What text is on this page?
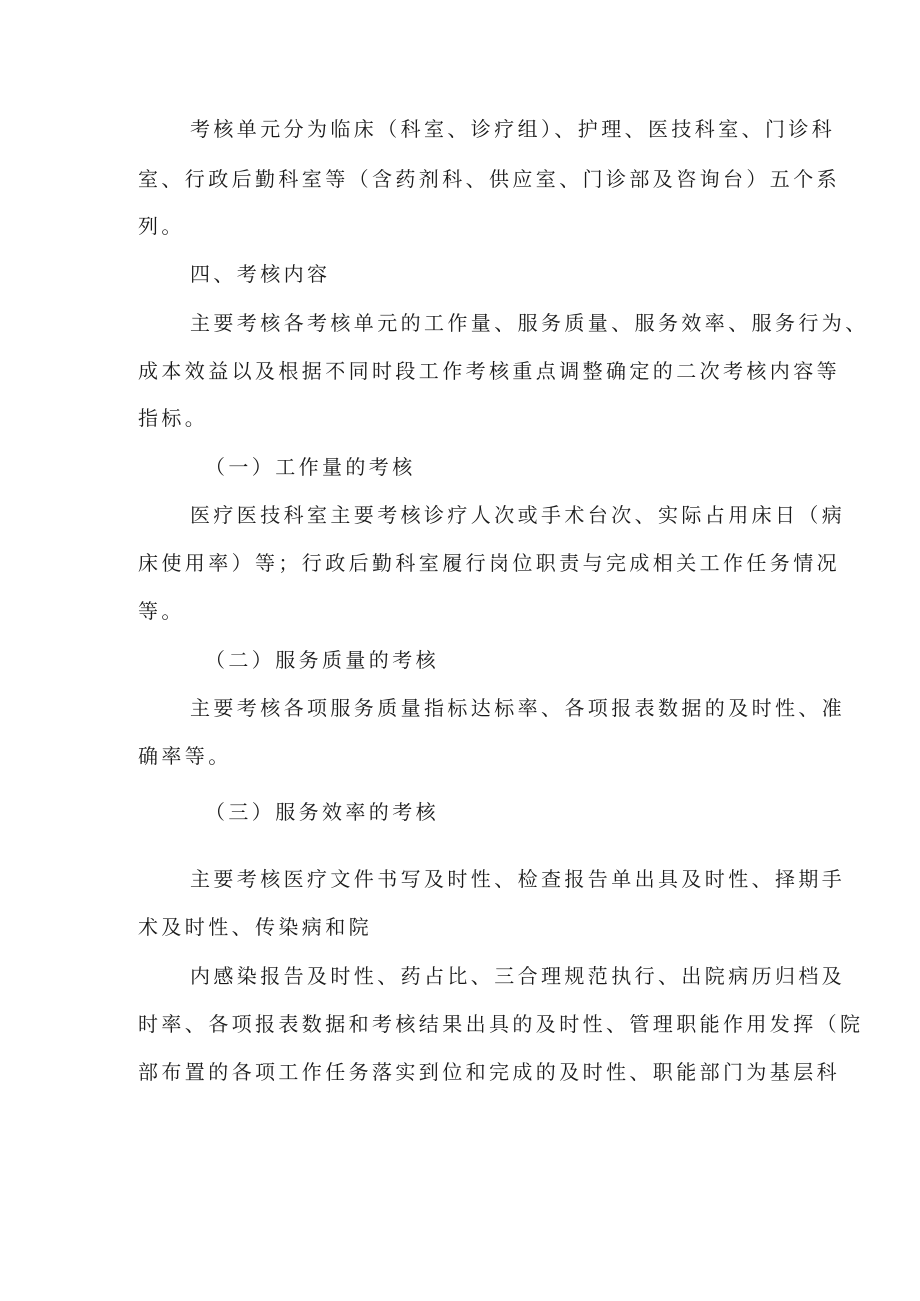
考核单元分为临床（科室、诊疗组）、护理、医技科室、门诊科
室、行政后勤科室等（含药剂科、供应室、门诊部及咨询台）五个系
列。
四、考核内容
主要考核各考核单元的工作量、服务质量、服务效率、服务行为、
成本效益以及根据不同时段工作考核重点调整确定的二次考核内容等
指标。
（一）工作量的考核
医疗医技科室主要考核诊疗人次或手术台次、实际占用床日（病
床使用率）等；行政后勤科室履行岗位职责与完成相关工作任务情况
等。
（二）服务质量的考核
主要考核各项服务质量指标达标率、各项报表数据的及时性、准
确率等。
（三）服务效率的考核
主要考核医疗文件书写及时性、检查报告单出具及时性、择期手
术及时性、传染病和院
内感染报告及时性、药占比、三合理规范执行、出院病历归档及
时率、各项报表数据和考核结果出具的及时性、管理职能作用发挥（院
部布置的各项工作任务落实到位和完成的及时性、职能部门为基层科
